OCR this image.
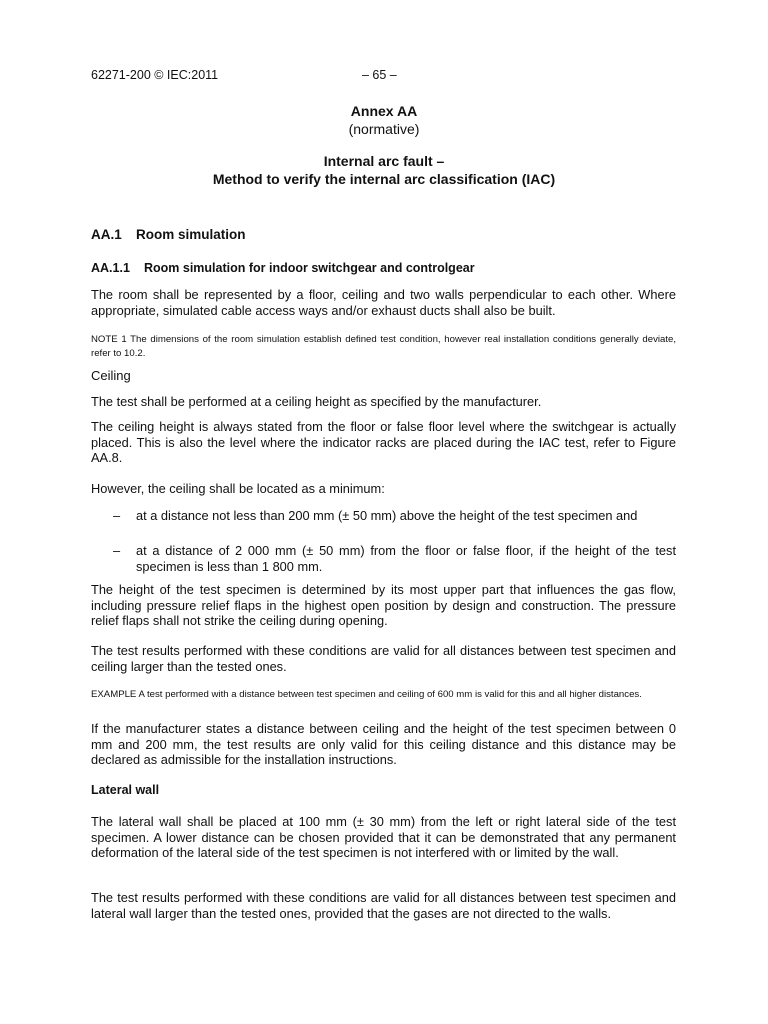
62271-200 © IEC:2011	– 65 –

Annex AA

(normative)

Internal arc fault –

Method to verify the internal arc classification (IAC)

AA.1 Room simulation

AA.1.1 Room simulation for indoor switchgear and controlgear

The room shall be represented by a floor, ceiling and two walls perpendicular to each other. Where appropriate, simulated cable access ways and/or exhaust ducts shall also be built.

NOTE 1 The dimensions of the room simulation establish defined test condition, however real installation conditions generally deviate, refer to 10.2.

Ceiling

The test shall be performed at a ceiling height as specified by the manufacturer.

The ceiling height is always stated from the floor or false floor level where the switchgear is actually placed. This is also the level where the indicator racks are placed during the IAC test, refer to Figure AA.8.

However, the ceiling shall be located as a minimum:

– at a distance not less than 200 mm (± 50 mm) above the height of the test specimen and
– at a distance of 2 000 mm (± 50 mm) from the floor or false floor, if the height of the test specimen is less than 1 800 mm.

The height of the test specimen is determined by its most upper part that influences the gas flow, including pressure relief flaps in the highest open position by design and construction. The pressure relief flaps shall not strike the ceiling during opening.

The test results performed with these conditions are valid for all distances between test specimen and ceiling larger than the tested ones.

EXAMPLE A test performed with a distance between test specimen and ceiling of 600 mm is valid for this and all higher distances.

If the manufacturer states a distance between ceiling and the height of the test specimen between 0 mm and 200 mm, the test results are only valid for this ceiling distance and this distance may be declared as admissible for the installation instructions.

Lateral wall

The lateral wall shall be placed at 100 mm (± 30 mm) from the left or right lateral side of the test specimen. A lower distance can be chosen provided that it can be demonstrated that any permanent deformation of the lateral side of the test specimen is not interfered with or limited by the wall.

The test results performed with these conditions are valid for all distances between test specimen and lateral wall larger than the tested ones, provided that the gases are not directed to the walls.
